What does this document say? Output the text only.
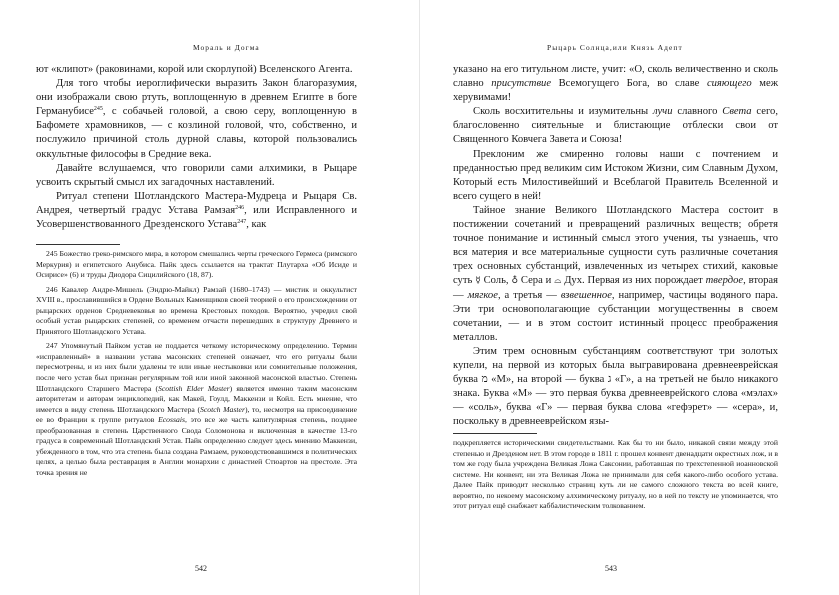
Мораль и Догма

ют «клипот» (раковинами, корой или скорлупой) Вселенского Агента.

Для того чтобы иероглифически выразить Закон благоразумия, они изображали свою ртуть, воплощенную в древнем Египте в боге Германубисе$^{245}$, с собачьей головой, а свою серу, воплощенную в Бафомете храмовников, — с козлиной головой, что, собственно, и послужило причиной столь дурной славы, которой пользовались оккультные философы в Средние века.

Давайте вслушаемся, что говорили сами алхимики, в Рыцаре усвоить скрытый смысл их загадочных наставлений.

Ритуал степени Шотландского Мастера-Мудреца и Рыцаря Св. Андрея, четвертый градус Устава Рамзая$^{246}$, или Исправленного и Усовершенствованного Дрезденского Устава$^{247}$, как

245 Божество греко-римского мира, в котором смешались черты греческого Гермеса (римского Меркурия) и египетского Анубиса. Пайк здесь ссылается на трактат Плутарха «Об Исиде и Осирисе» (6) и труды Диодора Сицилийского (18, 87).

246 Кавалер Андре-Мишель (Эндрю-Майкл) Рамзай (1680–1743) — мистик и оккультист XVIII в., прославившийся в Ордене Вольных Каменщиков своей теорией о его происхождении от рыцарских орденов Средневековья во времена Крестовых походов. Вероятно, учредил свой особый устав рыцарских степеней, со временем отчасти перешедших в структуру Древнего и Принятого Шотландского Устава.

247 Упомянутый Пайком устав не поддается четкому историческому определению. Термин «исправленный» в названии устава масонских степеней означает, что его ритуалы были пересмотрены, и из них были удалены те или иные нестыковки или сомнительные положения, после чего устав был признан регулярным той или иной законной масонской властью. Степень Шотландского Старшего Мастера (Scottish Elder Master) является именно таким масонским авторитетам и авторам энциклопедий, как Макей, Гоулд, Маккензи и Койл. Есть мнение, что имеется в виду степень Шотландского Мастера (Scotch Master), то, несмотря на присоединение ее во Франции к группе ритуалов Ecossais, это все же часть капитулярная степень, позднее преобразованная в степень Царственного Свода Соломонова и включенная в качестве 13-го градуса в современный Шотландский Устав. Пайк определенно следует здесь мнению Маккензи, убежденного в том, что эта степень была создана Рамзаем, руководствовавшимся в политических целях, а целью была реставрация в Англии монархии с династией Стюартов на престоле. Эта точка зрения не

542
Рыцарь Солнца,или Князь Адепт

указано на его титульном листе, учит: «О, сколь величественно и сколь славно присутствие Всемогущего Бога, во славе сияющего меж херувимами!

Сколь восхитительны и изумительны лучи славного Света сего, благословенно сиятельные и блистающие отблески свои от Священного Ковчега Завета и Союза!

Преклоним же смиренно головы наши с почтением и преданностью пред великим сим Истоком Жизни, сим Славным Духом, Который есть Милостивейший и Всеблагой Правитель Вселенной и всего сущего в ней!

Тайное знание Великого Шотландского Мастера состоит в постижении сочетаний и превращений различных веществ; обретя точное понимание и истинный смысл этого учения, ты узнаешь, что вся материя и все материальные сущности суть различные сочетания трех основных субстанций, извлеченных из четырех стихий, каковые суть ☿ Соль, ♁ Сера и ⌓ Дух. Первая из них порождает твердое, вторая — мягкое, а третья — взвешенное, например, частицы водяного пара. Эти три основополагающие субстанции могущественны в своем сочетании, — и в этом состоит истинный процесс преображения металлов.

Этим трем основным субстанциям соответствуют три золотых купели, на первой из которых была выгравирована древнееврейская буква מ «М», на второй — буква ג «Г», а на третьей не было никакого знака. Буква «М» — это первая буква древнееврейского слова «мэлах» — «соль», буква «Г» — первая буква слова «гефэрет» — «сера», и, поскольку в древнееврейском язы-

подкрепляется историческими свидетельствами. Как бы то ни было, никакой связи между этой степенью и Дрезденом нет. В этом городе в 1811 г. прошел конвент двенадцати окрестных лож, и в том же году была учреждена Великая Ложа Саксонии, работавшая по трехстепенной иоанновской системе. Ни конвент, ни эта Великая Ложа не принимали для себя какого-либо особого устава. Далее Пайк приводит несколько страниц куть ли не самого сложного текста во всей книге, вероятно, по некоему масонскому алхимическому ритуалу, но в ней по тексту не упоминается, что этот ритуал ещё снабжает каббалистическим толкованием.

543
